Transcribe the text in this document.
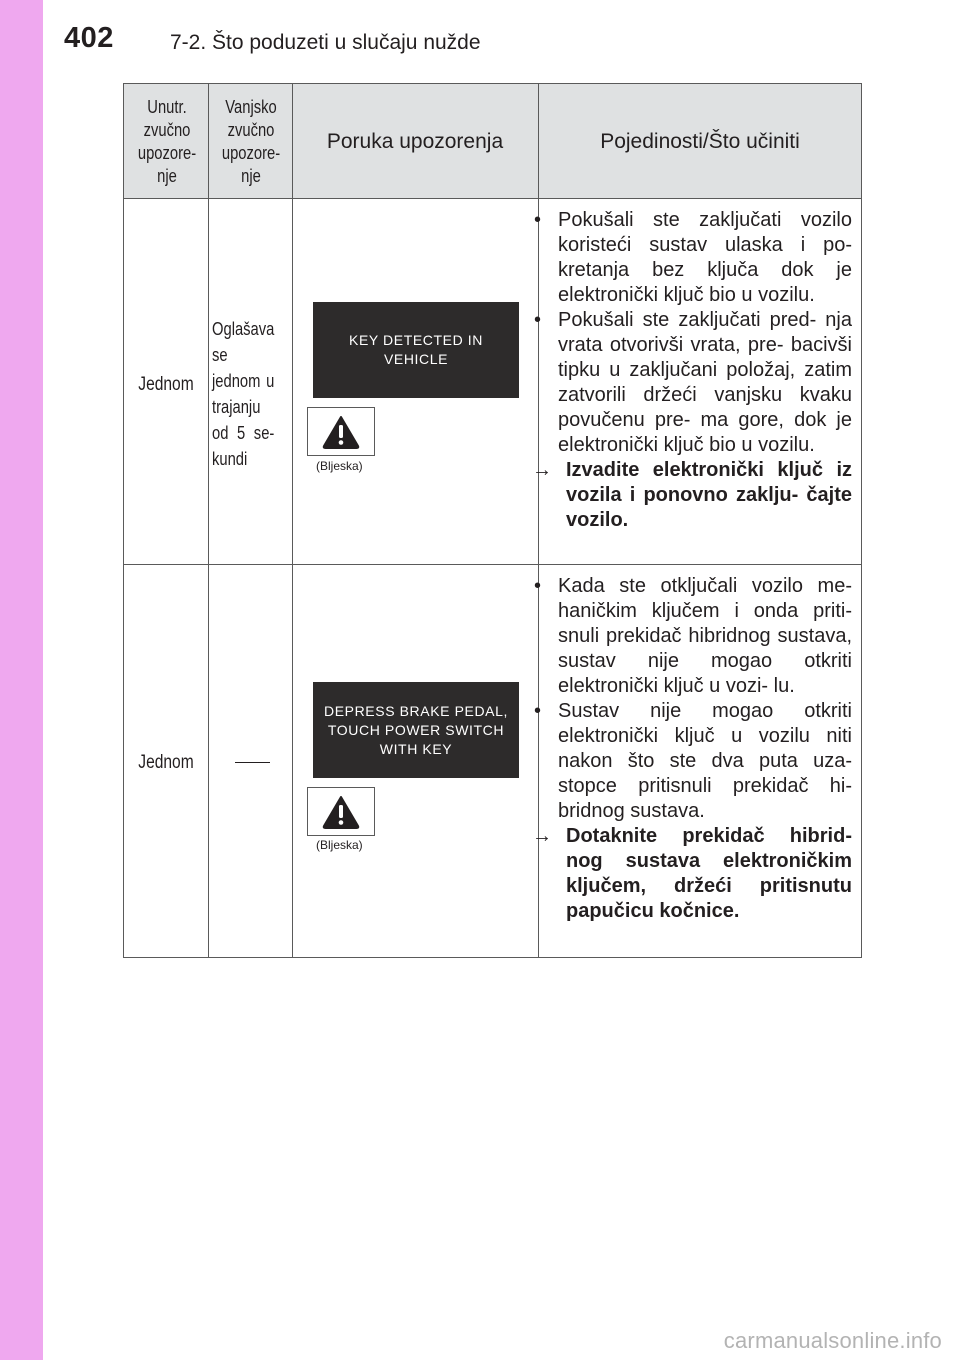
402	7-2. Što poduzeti u slučaju nužde
Unutr. zvučno upozore- nje
Vanjsko zvučno upozore- nje
Poruka upozorenja	Pojedinosti/Što učiniti
Jednom
Oglašava se jednom u trajanju od 5 se- kundi
KEY DETECTED IN
VEHICLE
(Bljeska)
• Pokušali ste zaključati vozilo koristeći sustav ulaska i po- kretanja bez ključa dok je elektronički ključ bio u vozilu.
• Pokušali ste zaključati pred- nja vrata otvorivši vrata, pre- bacivši tipku u zaključani položaj, zatim zatvorili držeći vanjsku kvaku povučenu pre- ma gore, dok je elektronički ključ bio u vozilu.
→ Izvadite elektronički ključ iz vozila i ponovno zaklju- čajte vozilo.
Jednom
DEPRESS BRAKE PEDAL,
TOUCH POWER SWITCH
WITH KEY
(Bljeska)
• Kada ste otključali vozilo me- haničkim ključem i onda priti- snuli prekidač hibridnog sustava, sustav nije mogao otkriti elektronički ključ u vozi- lu.
• Sustav nije mogao otkriti elektronički ključ u vozilu niti nakon što ste dva puta uza- stopce pritisnuli prekidač hi- bridnog sustava.
→ Dotaknite prekidač hibrid- nog sustava elektroničkim ključem, držeći pritisnutu papučicu kočnice.
carmanualsonline.info
